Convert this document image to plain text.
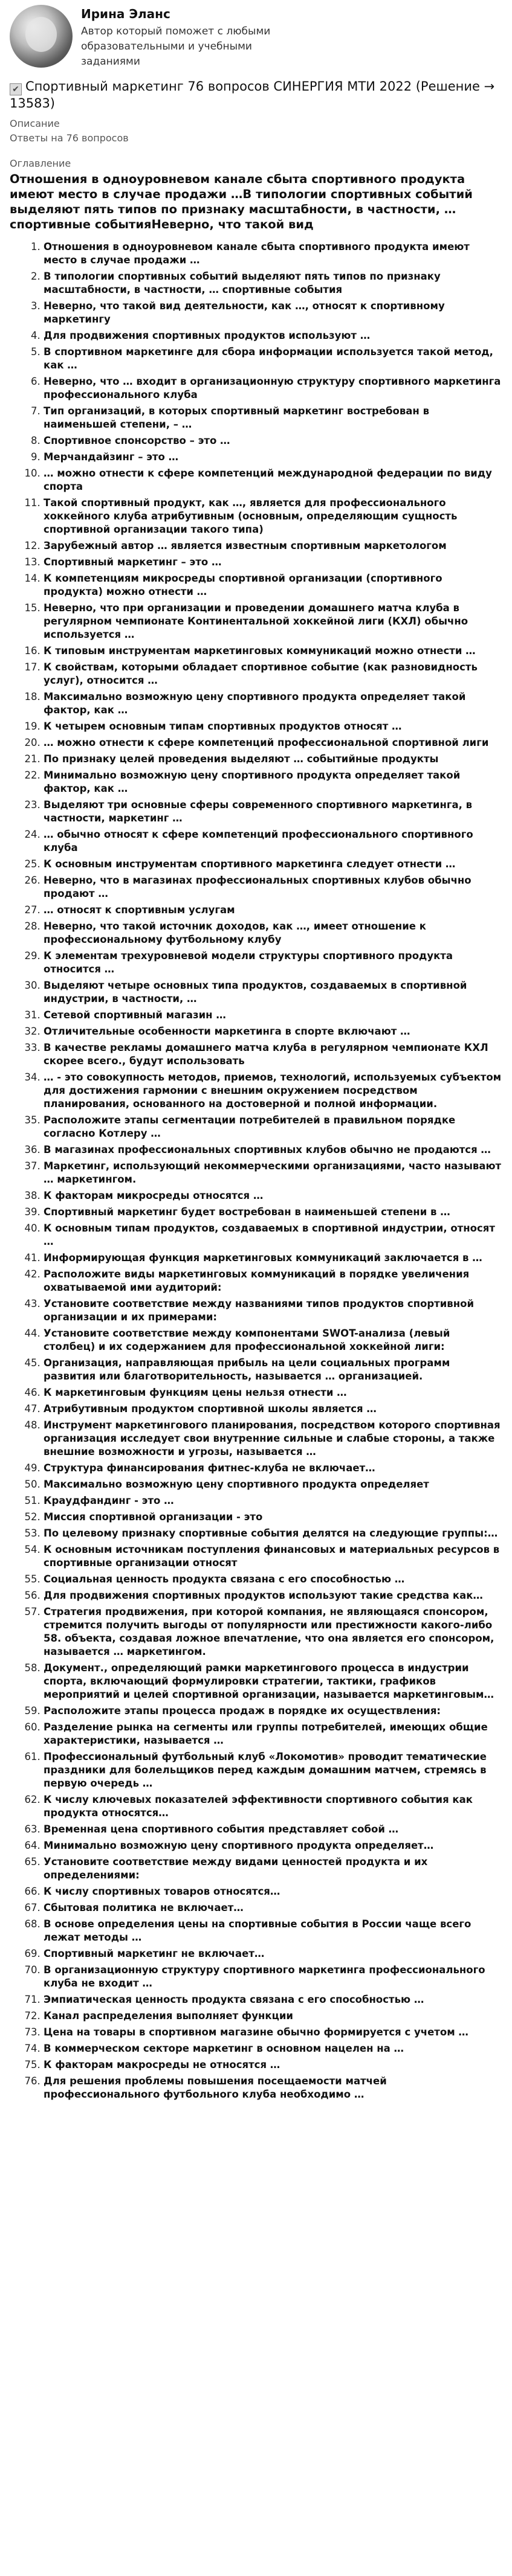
Ирина Эланс
Автор который поможет с любыми образовательными и учебными заданиями
✔ Спортивный маркетинг 76 вопросов СИНЕРГИЯ МТИ 2022 (Решение → 13583)
Описание
Ответы на 76 вопросов
Оглавление
Отношения в одноуровневом канале сбыта спортивного продукта имеют место в случае продажи …В типологии спортивных событий выделяют пять типов по признаку масштабности, в частности, … спортивные событияНеверно, что такой вид
1. Отношения в одноуровневом канале сбыта спортивного продукта имеют место в случае продажи …
2. В типологии спортивных событий выделяют пять типов по признаку масштабности, в частности, … спортивные события
3. Неверно, что такой вид деятельности, как …, относят к спортивному маркетингу
4. Для продвижения спортивных продуктов используют …
5. В спортивном маркетинге для сбора информации используется такой метод, как …
6. Неверно, что … входит в организационную структуру спортивного маркетинга профессионального клуба
7. Тип организаций, в которых спортивный маркетинг востребован в наименьшей степени, – …
8. Спортивное спонсорство – это …
9. Мерчандайзинг – это …
10. … можно отнести к сфере компетенций международной федерации по виду спорта
11. Такой спортивный продукт, как …, является для профессионального хоккейного клуба атрибутивным (основным, определяющим сущность спортивной организации такого типа)
12. Зарубежный автор … является известным спортивным маркетологом
13. Спортивный маркетинг – это …
14. К компетенциям микросреды спортивной организации (спортивного продукта) можно отнести …
15. Неверно, что при организации и проведении домашнего матча клуба в регулярном чемпионате Континентальной хоккейной лиги (КХЛ) обычно используется …
16. К типовым инструментам маркетинговых коммуникаций можно отнести …
17. К свойствам, которыми обладает спортивное событие (как разновидность услуг), относится …
18. Максимально возможную цену спортивного продукта определяет такой фактор, как …
19. К четырем основным типам спортивных продуктов относят …
20. … можно отнести к сфере компетенций профессиональной спортивной лиги
21. По признаку целей проведения выделяют … событийные продукты
22. Минимально возможную цену спортивного продукта определяет такой фактор, как …
23. Выделяют три основные сферы современного спортивного маркетинга, в частности, маркетинг …
24. … обычно относят к сфере компетенций профессионального спортивного клуба
25. К основным инструментам спортивного маркетинга следует отнести …
26. Неверно, что в магазинах профессиональных спортивных клубов обычно продают …
27. … относят к спортивным услугам
28. Неверно, что такой источник доходов, как …, имеет отношение к профессиональному футбольному клубу
29. К элементам трехуровневой модели структуры спортивного продукта относится …
30. Выделяют четыре основных типа продуктов, создаваемых в спортивной индустрии, в частности, …
31. Сетевой спортивный магазин …
32. Отличительные особенности маркетинга в спорте включают …
33. В качестве рекламы домашнего матча клуба в регулярном чемпионате КХЛ скорее всего., будут использовать
34. … - это совокупность методов, приемов, технологий, используемых субъектом для достижения гармонии с внешним окружением посредством планирования, основанного на достоверной и полной информации.
35. Расположите этапы сегментации потребителей в правильном порядке согласно Котлеру …
36. В магазинах профессиональных спортивных клубов обычно не продаются …
37. Маркетинг, использующий некоммерческими организациями, часто называют … маркетингом.
38. К факторам микросреды относятся …
39. Спортивный маркетинг будет востребован в наименьшей степени в …
40. К основным типам продуктов, создаваемых в спортивной индустрии, относят …
41. Информирующая функция маркетинговых коммуникаций заключается в …
42. Расположите виды маркетинговых коммуникаций в порядке увеличения охватываемой ими аудиторий:
43. Установите соответствие между названиями типов продуктов спортивной организации и их примерами:
44. Установите соответствие между компонентами SWOT-анализа (левый столбец) и их содержанием для профессиональной хоккейной лиги:
45. Организация, направляющая прибыль на цели социальных программ развития или благотворительность, называется … организацией.
46. К маркетинговым функциям цены нельзя отнести …
47. Атрибутивным продуктом спортивной школы является …
48. Инструмент маркетингового планирования, посредством которого спортивная организация исследует свои внутренние сильные и слабые стороны, а также внешние возможности и угрозы, называется …
49. Структура финансирования фитнес-клуба не включает…
50. Максимально возможную цену спортивного продукта определяет
51. Краудфандинг - это …
52. Миссия спортивной организации - это
53. По целевому признаку спортивные события делятся на следующие группы:…
54. К основным источникам поступления финансовых и материальных ресурсов в спортивные организации относят
55. Социальная ценность продукта связана с его способностью …
56. Для продвижения спортивных продуктов используют такие средства как…
57. Стратегия продвижения, при которой компания, не являющаяся спонсором, стремится получить выгоды от популярности или престижности какого-либо 58. объекта, создавая ложное впечатление, что она является его спонсором, называется … маркетингом.
58. Документ., определяющий рамки маркетингового процесса в индустрии спорта, включающий формулировки стратегии, тактики, графиков мероприятий и целей спортивной организации, называется маркетинговым…
59. Расположите этапы процесса продаж в порядке их осуществления:
60. Разделение рынка на сегменты или группы потребителей, имеющих общие характеристики, называется …
61. Профессиональный футбольный клуб «Локомотив» проводит тематические праздники для болельщиков перед каждым домашним матчем, стремясь в первую очередь …
62. К числу ключевых показателей эффективности спортивного события как продукта относятся…
63. Временная цена спортивного события представляет собой …
64. Минимально возможную цену спортивного продукта определяет…
65. Установите соответствие между видами ценностей продукта и их определениями:
66. К числу спортивных товаров относятся…
67. Сбытовая политика не включает…
68. В основе определения цены на спортивные события в России чаще всего лежат методы …
69. Спортивный маркетинг не включает…
70. В организационную структуру спортивного маркетинга профессионального клуба не входит …
71. Эмпиатическая ценность продукта связана с его способностью …
72. Канал распределения выполняет функции
73. Цена на товары в спортивном магазине обычно формируется с учетом …
74. В коммерческом секторе маркетинг в основном нацелен на …
75. К факторам макросреды не относятся …
76. Для решения проблемы повышения посещаемости матчей профессионального футбольного клуба необходимо …
